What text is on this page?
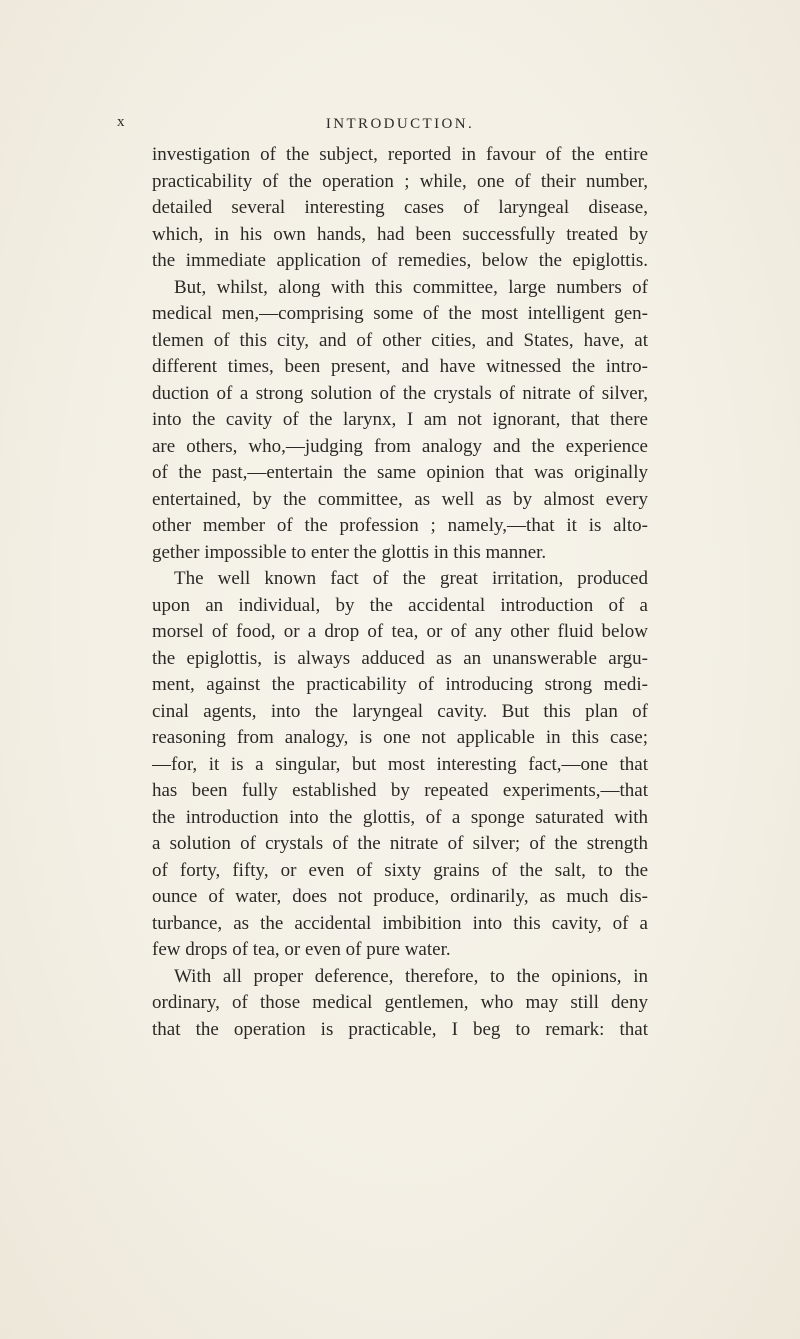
x	INTRODUCTION.
investigation of the subject, reported in favour of the entire
practicability of the operation ; while, one of their number,
detailed several interesting cases of laryngeal disease,
which, in his own hands, had been successfully treated by
the immediate application of remedies, below the epiglottis.
But, whilst, along with this committee, large numbers of
medical men,—comprising some of the most intelligent gen-
tlemen of this city, and of other cities, and States, have, at
different times, been present, and have witnessed the intro-
duction of a strong solution of the crystals of nitrate of silver,
into the cavity of the larynx, I am not ignorant, that there
are others, who,—judging from analogy and the experience
of the past,—entertain the same opinion that was originally
entertained, by the committee, as well as by almost every
other member of the profession ; namely,—that it is alto-
gether impossible to enter the glottis in this manner.
The well known fact of the great irritation, produced
upon an individual, by the accidental introduction of a
morsel of food, or a drop of tea, or of any other fluid below
the epiglottis, is always adduced as an unanswerable argu-
ment, against the practicability of introducing strong medi-
cinal agents, into the laryngeal cavity. But this plan of
reasoning from analogy, is one not applicable in this case;
—for, it is a singular, but most interesting fact,—one that
has been fully established by repeated experiments,—that
the introduction into the glottis, of a sponge saturated with
a solution of crystals of the nitrate of silver; of the strength
of forty, fifty, or even of sixty grains of the salt, to the
ounce of water, does not produce, ordinarily, as much dis-
turbance, as the accidental imbibition into this cavity, of a
few drops of tea, or even of pure water.
With all proper deference, therefore, to the opinions, in
ordinary, of those medical gentlemen, who may still deny
that the operation is practicable, I beg to remark: that
